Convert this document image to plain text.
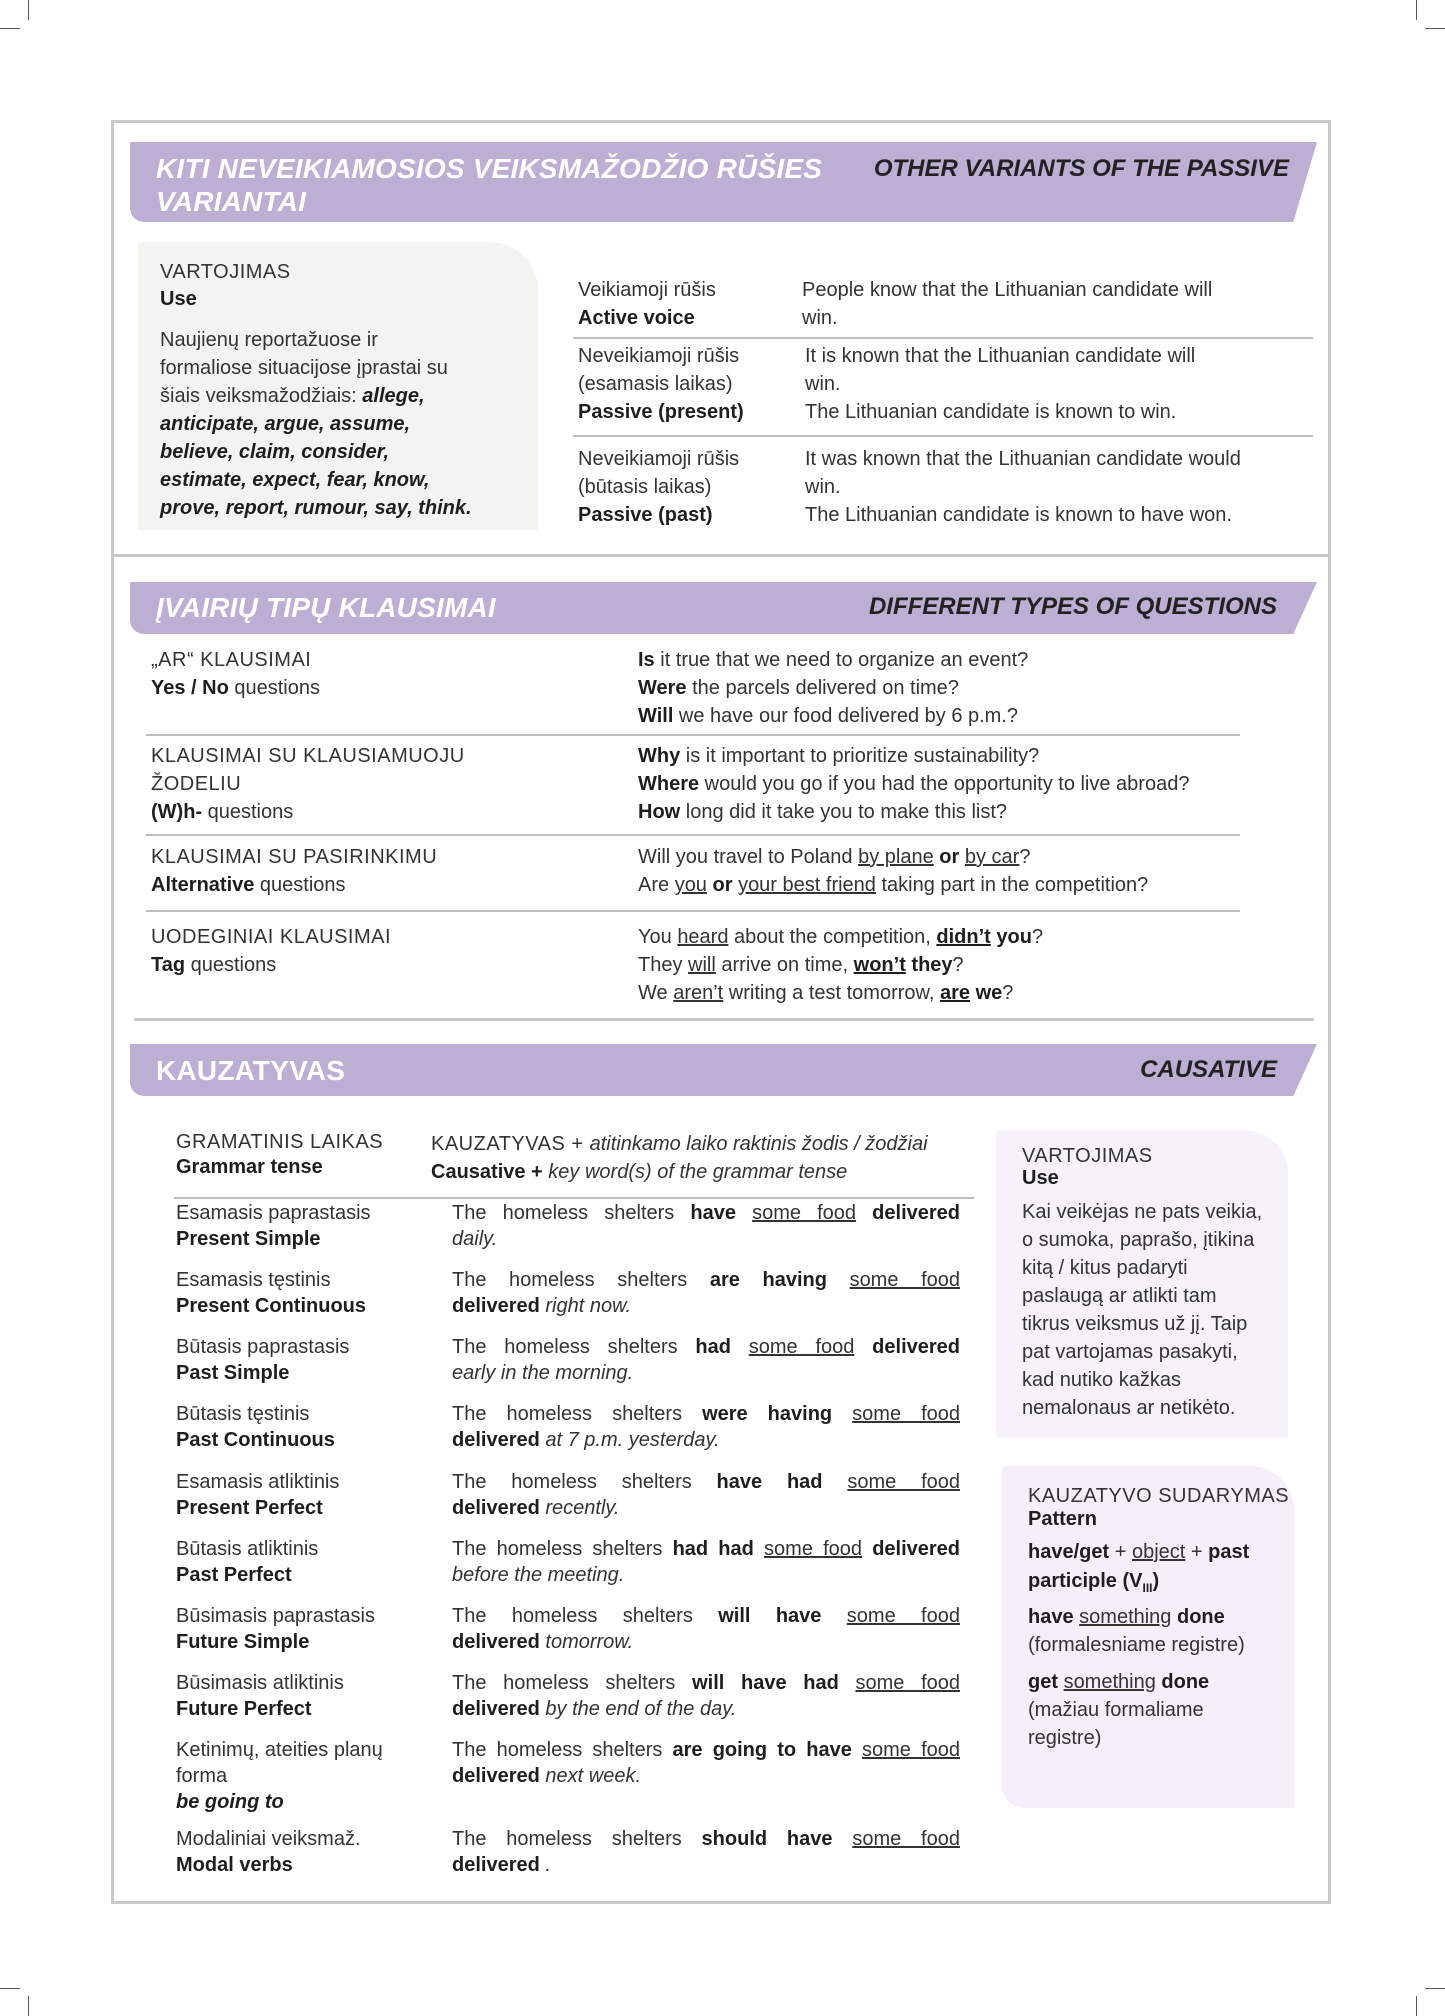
KITI NEVEIKIAMOSIOS VEIKSMAŽODŽIO RŪŠIES
VARIANTAI
OTHER VARIANTS OF THE PASSIVE
VARTOJIMAS
Use
Naujienų reportažuose ir
formaliose situacijose įprastai su
šiais veiksmažodžiais: allege,
anticipate, argue, assume,
believe, claim, consider,
estimate, expect, fear, know,
prove, report, rumour, say, think.
Veikiamoji rūšis
Active voice
People know that the Lithuanian candidate will
win.
Neveikiamoji rūšis
(esamasis laikas)
Passive (present)
It is known that the Lithuanian candidate will
win.
The Lithuanian candidate is known to win.
Neveikiamoji rūšis
(būtasis laikas)
Passive (past)
It was known that the Lithuanian candidate would
win.
The Lithuanian candidate is known to have won.
ĮVAIRIŲ TIPŲ KLAUSIMAI	DIFFERENT TYPES OF QUESTIONS
„AR“ KLAUSIMAI
Yes / No questions
Is it true that we need to organize an event?
Were the parcels delivered on time?
Will we have our food delivered by 6 p.m.?
KLAUSIMAI SU KLAUSIAMUOJU
ŽODELIU
(W)h- questions
Why is it important to prioritize sustainability?
Where would you go if you had the opportunity to live abroad?
How long did it take you to make this list?
KLAUSIMAI SU PASIRINKIMU
Alternative questions
Will you travel to Poland by plane or by car?
Are you or your best friend taking part in the competition?
UODEGINIAI KLAUSIMAI
Tag questions
You heard about the competition, didn’t you?
They will arrive on time, won’t they?
We aren’t writing a test tomorrow, are we?
KAUZATYVAS	CAUSATIVE
GRAMATINIS LAIKAS
Grammar tense
KAUZATYVAS + atitinkamo laiko raktinis žodis / žodžiai
Causative + key word(s) of the grammar tense
Esamasis paprastasis
Present Simple
The homeless shelters have some food delivered
daily.
Esamasis tęstinis
Present Continuous
The homeless shelters are having some food
delivered right now.
Būtasis paprastasis
Past Simple
The homeless shelters had some food delivered
early in the morning.
Būtasis tęstinis
Past Continuous
The homeless shelters were having some food
delivered at 7 p.m. yesterday.
Esamasis atliktinis
Present Perfect
The homeless shelters have had some food
delivered recently.
Būtasis atliktinis
Past Perfect
The homeless shelters had had some food delivered
before the meeting.
Būsimasis paprastasis
Future Simple
The homeless shelters will have some food
delivered tomorrow.
Būsimasis atliktinis
Future Perfect
The homeless shelters will have had some food
delivered by the end of the day.
Ketinimų, ateities planų
forma
be going to
The homeless shelters are going to have some food
delivered next week.
Modaliniai veiksmaž.
Modal verbs
The homeless shelters should have some food
delivered .
VARTOJIMAS
Use
Kai veikėjas ne pats veikia,
o sumoka, paprašo, įtikina
kitą / kitus padaryti
paslaugą ar atlikti tam
tikrus veiksmus už jį. Taip
pat vartojamas pasakyti,
kad nutiko kažkas
nemalonaus ar netikėto.
KAUZATYVO SUDARYMAS
Pattern
have/get + object + past
participle $(V_{III})$
have something done
(formalesniame registre)
get something done
(mažiau formaliame
registre)
